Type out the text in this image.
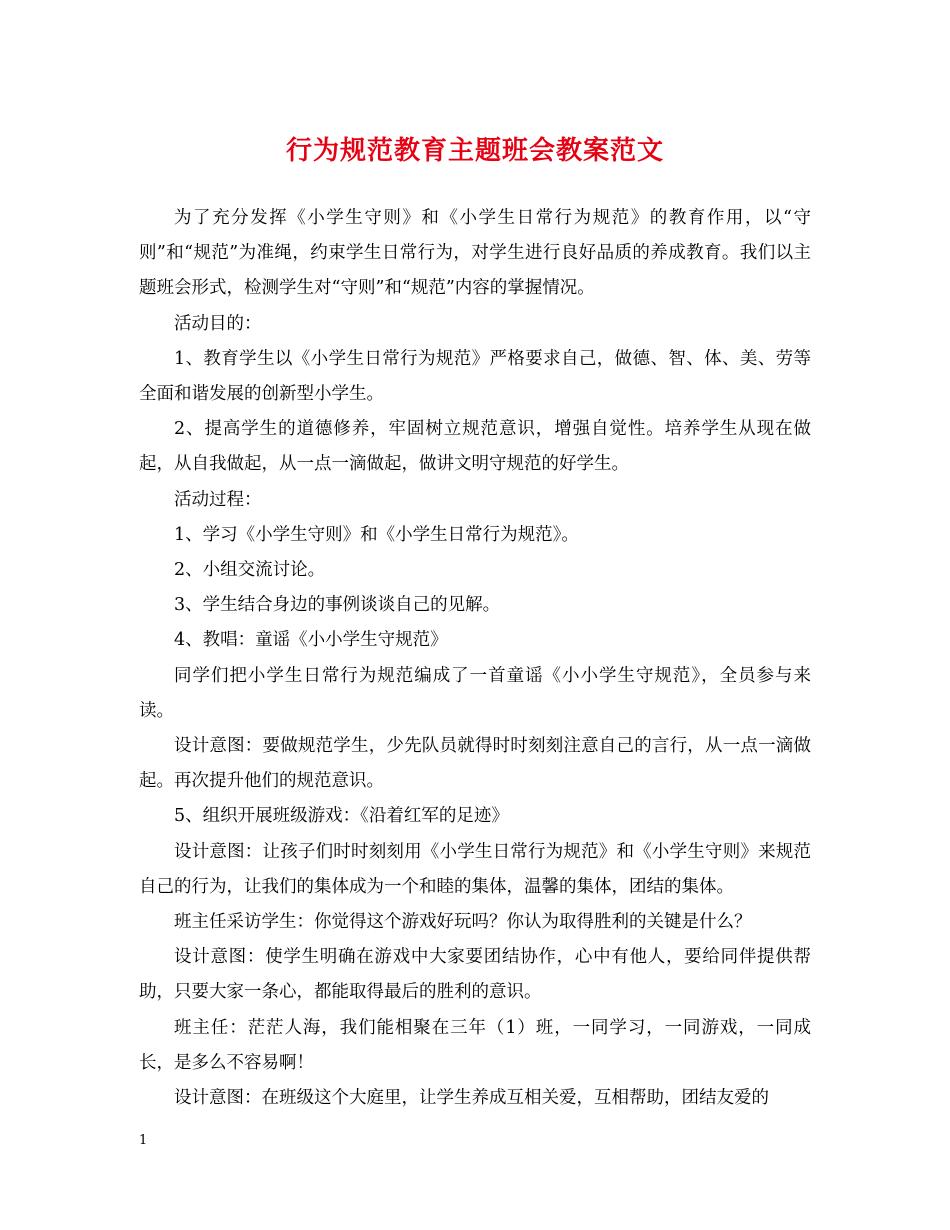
行为规范教育主题班会教案范文

为了充分发挥《小学生守则》和《小学生日常行为规范》的教育作用，以“守则”和“规范”为准绳，约束学生日常行为，对学生进行良好品质的养成教育。我们以主题班会形式，检测学生对“守则”和“规范”内容的掌握情况。

活动目的：

1、教育学生以《小学生日常行为规范》严格要求自己，做德、智、体、美、劳等全面和谐发展的创新型小学生。

2、提高学生的道德修养，牢固树立规范意识，增强自觉性。培养学生从现在做起，从自我做起，从一点一滴做起，做讲文明守规范的好学生。

活动过程：

1、学习《小学生守则》和《小学生日常行为规范》。

2、小组交流讨论。

3、学生结合身边的事例谈谈自己的见解。

4、教唱：童谣《小小学生守规范》

同学们把小学生日常行为规范编成了一首童谣《小小学生守规范》，全员参与来读。

设计意图：要做规范学生，少先队员就得时时刻刻注意自己的言行，从一点一滴做起。再次提升他们的规范意识。

5、组织开展班级游戏：《沿着红军的足迹》

设计意图：让孩子们时时刻刻用《小学生日常行为规范》和《小学生守则》来规范自己的行为，让我们的集体成为一个和睦的集体，温馨的集体，团结的集体。

班主任采访学生：你觉得这个游戏好玩吗？你认为取得胜利的关键是什么？

设计意图：使学生明确在游戏中大家要团结协作，心中有他人，要给同伴提供帮助，只要大家一条心，都能取得最后的胜利的意识。

班主任：茫茫人海，我们能相聚在三年（1）班，一同学习，一同游戏，一同成长，是多么不容易啊！

设计意图：在班级这个大庭里，让学生养成互相关爱，互相帮助，团结友爱的

1
